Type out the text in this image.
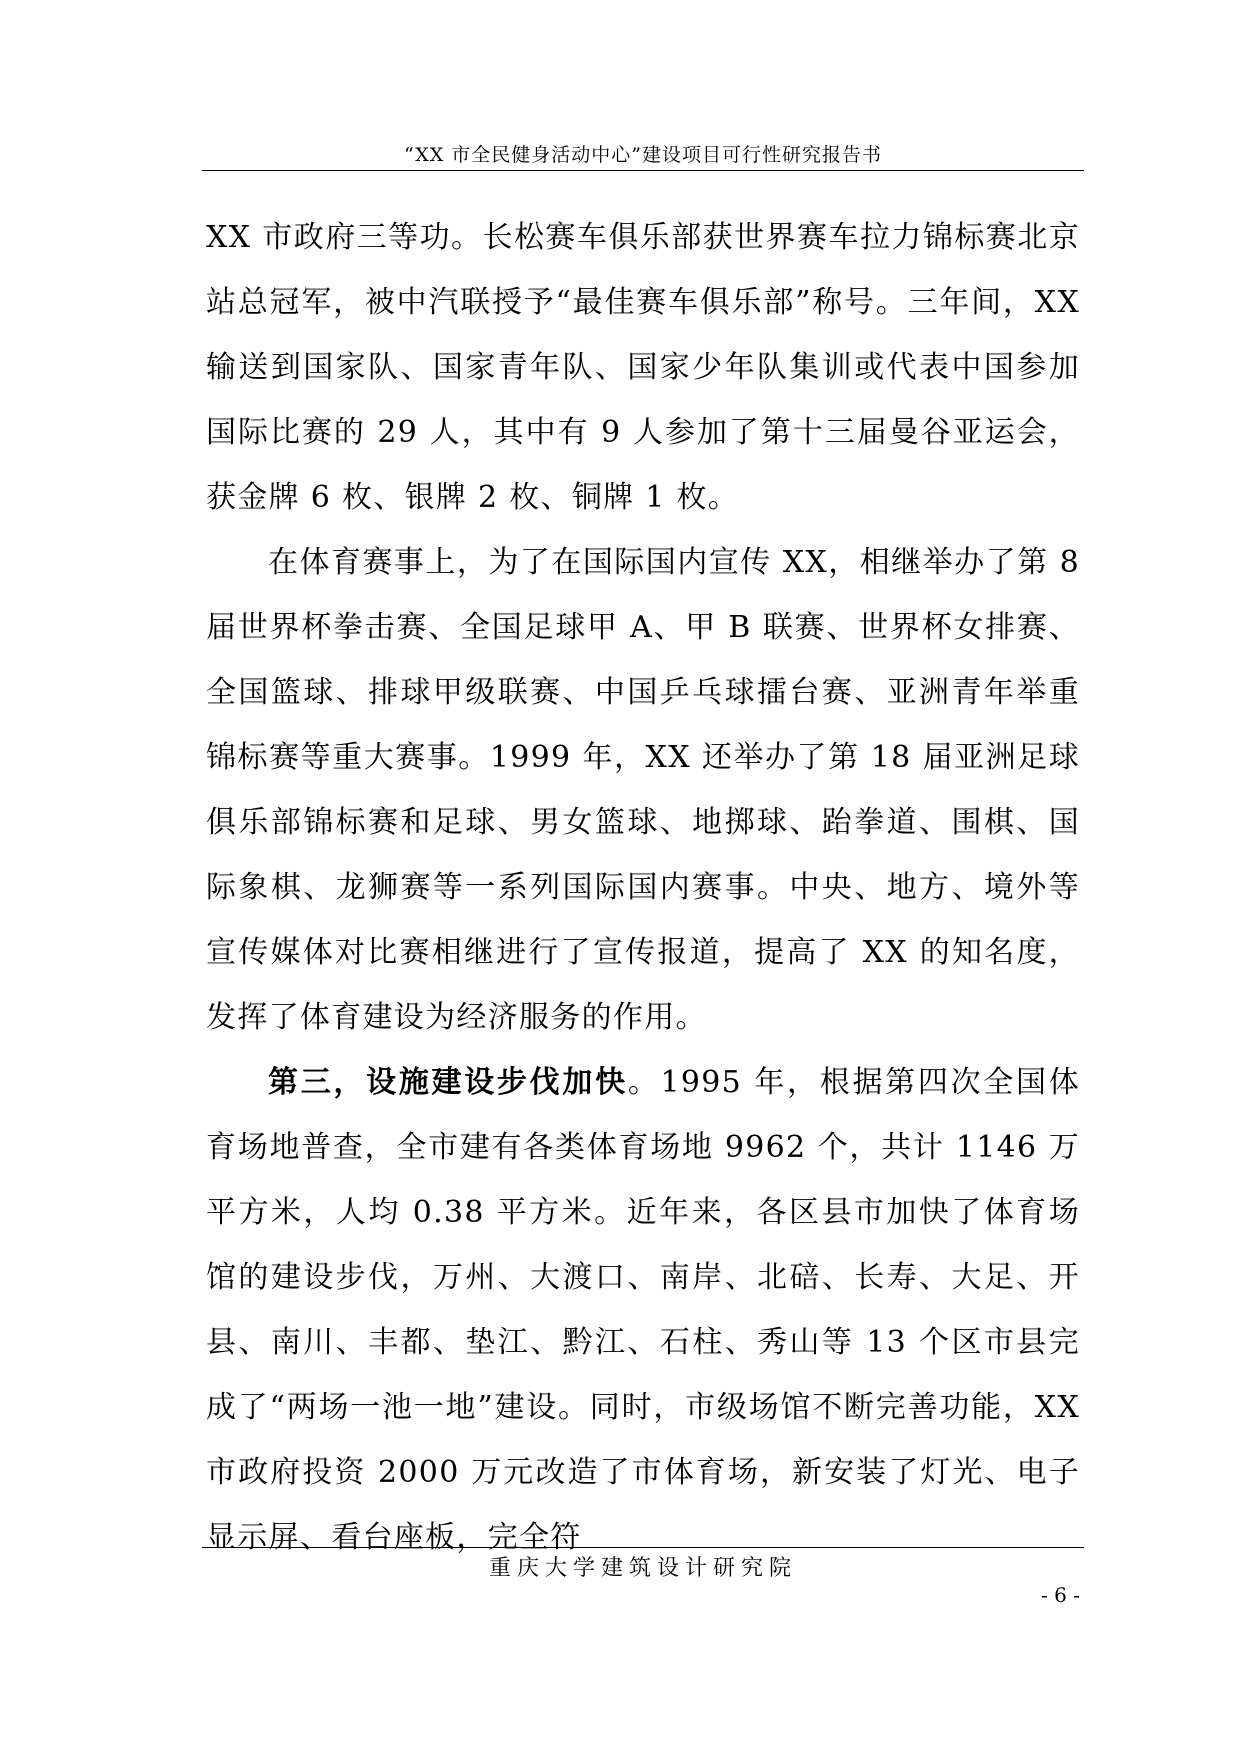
“XX 市全民健身活动中心”建设项目可行性研究报告书

XX 市政府三等功。长松赛车俱乐部获世界赛车拉力锦标赛北京站总冠军，被中汽联授予“最佳赛车俱乐部”称号。三年间，XX 输送到国家队、国家青年队、国家少年队集训或代表中国参加国际比赛的 29 人，其中有 9 人参加了第十三届曼谷亚运会，获金牌 6 枚、银牌 2 枚、铜牌 1 枚。

在体育赛事上，为了在国际国内宣传 XX，相继举办了第 8 届世界杯拳击赛、全国足球甲 A、甲 B 联赛、世界杯女排赛、全国篮球、排球甲级联赛、中国乒乓球擂台赛、亚洲青年举重锦标赛等重大赛事。1999 年，XX 还举办了第 18 届亚洲足球俱乐部锦标赛和足球、男女篮球、地掷球、跆拳道、围棋、国际象棋、龙狮赛等一系列国际国内赛事。中央、地方、境外等宣传媒体对比赛相继进行了宣传报道，提高了 XX 的知名度，发挥了体育建设为经济服务的作用。

第三，设施建设步伐加快。1995 年，根据第四次全国体育场地普查，全市建有各类体育场地 9962 个，共计 1146 万平方米，人均 0.38 平方米。近年来，各区县市加快了体育场馆的建设步伐，万州、大渡口、南岸、北碚、长寿、大足、开县、南川、丰都、垫江、黔江、石柱、秀山等 13 个区市县完成了“两场一池一地”建设。同时，市级场馆不断完善功能，XX 市政府投资 2000 万元改造了市体育场，新安装了灯光、电子显示屏、看台座板，完全符

重庆大学建筑设计研究院
- 6 -
